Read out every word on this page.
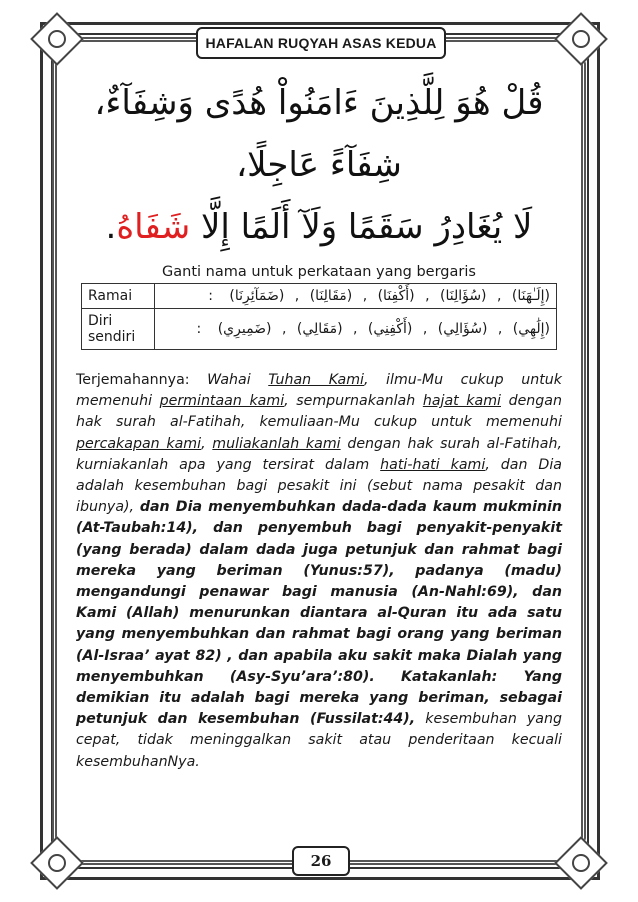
HAFALAN RUQYAH ASAS KEDUA
قُلْ هُوَ لِلَّذِينَ ءَامَنُواْ هُدًى وَشِفَآءٌ، شِفَآءً عَاجِلًا،
لَا يُغَادِرُ سَقَمًا وَلَآ أَلَمًا إِلَّا شَفَاهُ.
Ganti nama untuk perkataan yang bergaris
Ramai	(إِلَـٰهَنَا) , (سُؤَالِنَا) , (أَكْفِنَا) , (مَقَالِنَا) , (ضَمَآئِرِنَا) :
Diri sendiri	(إِلَٰهِي) , (سُؤَالِي) , (أَكْفِنِي) , (مَقَالِي) , (ضَمِيرِي) :
Terjemahannya: Wahai Tuhan Kami, ilmu-Mu cukup untuk memenuhi permintaan kami, sempurnakanlah hajat kami dengan hak surah al-Fatihah, kemuliaan-Mu cukup untuk memenuhi percakapan kami, muliakanlah kami dengan hak surah al-Fatihah, kurniakanlah apa yang tersirat dalam hati-hati kami, dan Dia adalah kesembuhan bagi pesakit ini (sebut nama pesakit dan ibunya), dan Dia menyembuhkan dada-dada kaum mukminin (At-Taubah:14), dan penyembuh bagi penyakit-penyakit (yang berada) dalam dada juga petunjuk dan rahmat bagi mereka yang beriman (Yunus:57), padanya (madu) mengandungi penawar bagi manusia (An-Nahl:69), dan Kami (Allah) menurunkan diantara al-Quran itu ada satu yang menyembuhkan dan rahmat bagi orang yang beriman (Al-Israa’ ayat 82) , dan apabila aku sakit maka Dialah yang menyembuhkan (Asy-Syu’ara’:80). Katakanlah: Yang demikian itu adalah bagi mereka yang beriman, sebagai petunjuk dan kesembuhan (Fussilat:44), kesembuhan yang cepat, tidak meninggalkan sakit atau penderitaan kecuali kesembuhanNya.
26
